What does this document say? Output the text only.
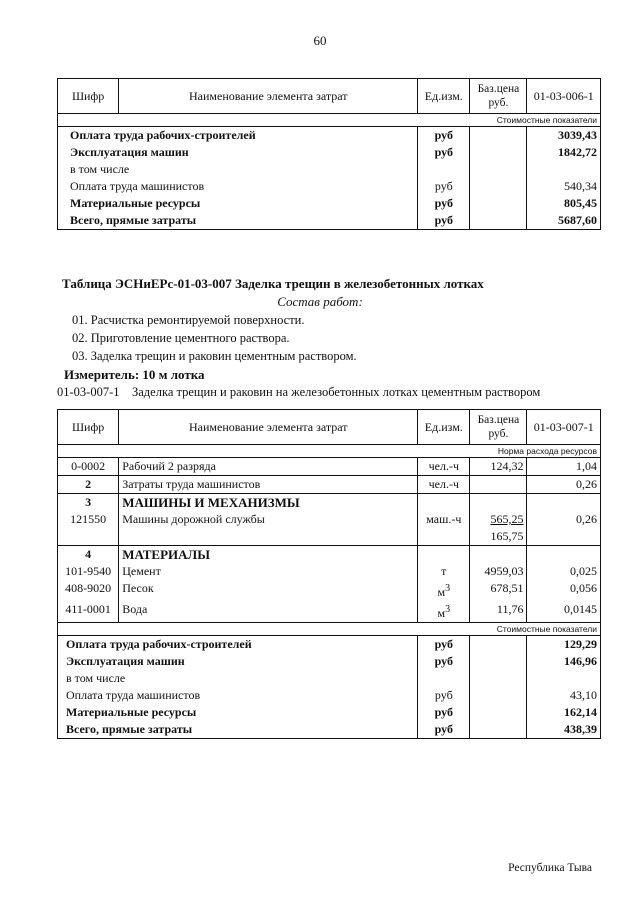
60
Шифр	Наименование элемента затрат	Ед.изм.	Баз.цена руб.	01-03-006-1
Стоимостные показатели				
Оплата труда рабочих-строителей		руб		3039,43
Эксплуатация машин		руб		1842,72
в том числе				
Оплата труда машинистов		руб		540,34
Материальные ресурсы		руб		805,45
Всего, прямые затраты		руб		5687,60
Таблица ЭСНиЕРс-01-03-007 Заделка трещин в железобетонных лотках
Состав работ:
01. Расчистка ремонтируемой поверхности.
02. Приготовление цементного раствора.
03. Заделка трещин и раковин цементным раствором.
Измеритель: 10 м лотка
01-03-007-1 Заделка трещин и раковин на железобетонных лотках цементным раствором
Шифр	Наименование элемента затрат	Ед.изм.	Баз.цена руб.	01-03-007-1
Норма расхода ресурсов				
0-0002	Рабочий 2 разряда	чел.-ч	124,32	1,04
2	Затраты труда машинистов	чел.-ч		0,26
3	МАШИНЫ И МЕХАНИЗМЫ			
121550	Машины дорожной службы	маш.-ч	565,25	0,26
			165,75	
4	МАТЕРИАЛЫ			
101-9540	Цемент	т	4959,03	0,025
408-9020	Песок	$м^3$	678,51	0,056
411-0001	Вода	$м^3$	11,76	0,0145
Стоимостные показатели				
Оплата труда рабочих-строителей		руб		129,29
Эксплуатация машин		руб		146,96
в том числе				
Оплата труда машинистов		руб		43,10
Материальные ресурсы		руб		162,14
Всего, прямые затраты		руб		438,39
Республика Тыва
